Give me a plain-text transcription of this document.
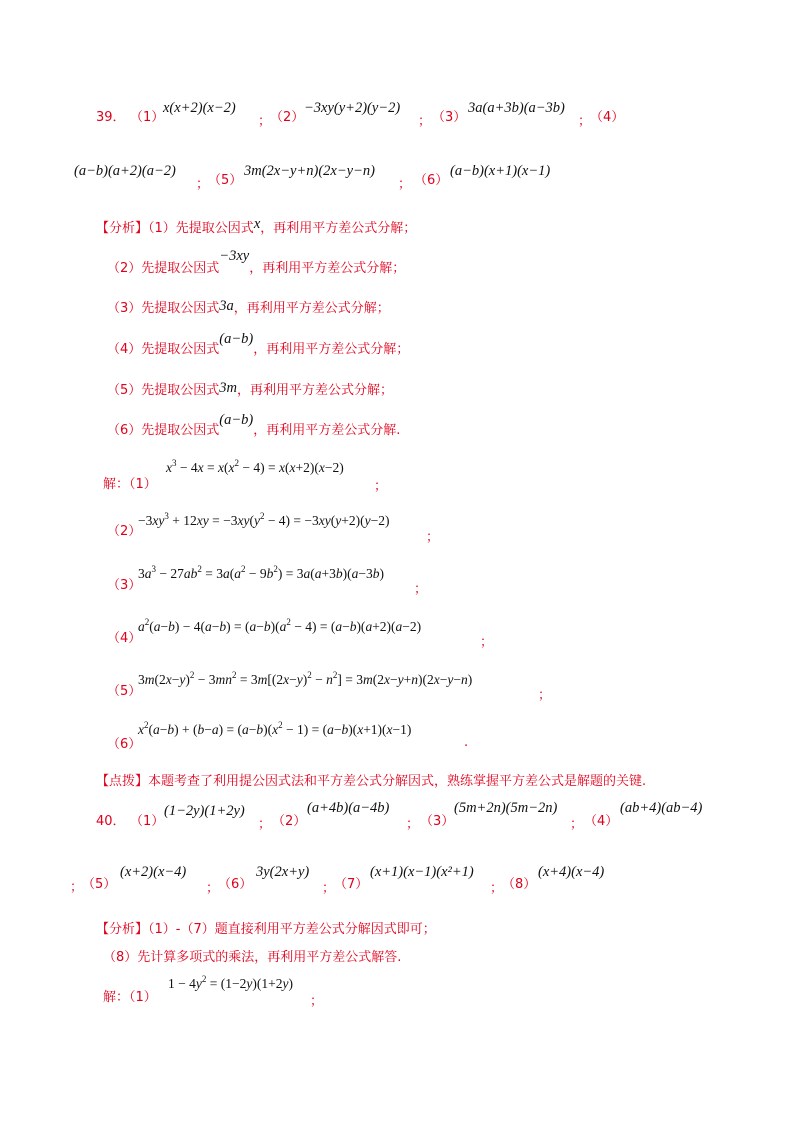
39． （1）
x(x+2)(x−2)
；
（2）
−3xy(y+2)(y−2)
； （3）
3a(a+3b)(a−3b)
；
（4）
(a−b)(a+2)(a−2)
；
（5）
3m(2x−y+n)(2x−y−n)
； （6）
(a−b)(x+1)(x−1)
【分析】（1）先提取公因式x，再利用平方差公式分解；
（2）先提取公因式−3xy，再利用平方差公式分解；
（3）先提取公因式3a，再利用平方差公式分解；
（4）先提取公因式(a−b)，再利用平方差公式分解；
（5）先提取公因式3m，再利用平方差公式分解；
（6）先提取公因式(a−b)，再利用平方差公式分解.
解：（1）
$x^3 - 4x = x(x^2 - 4) = x(x+2)(x-2)$
；
（2）
$-3xy^3 + 12xy = -3xy(y^2 - 4) = -3xy(y+2)(y-2)$
；
（3）
$3a^3 - 27ab^2 = 3a(a^2 - 9b^2) = 3a(a+3b)(a-3b)$
；
（4）
$a^2(a-b) - 4(a-b) = (a-b)(a^2 - 4) = (a-b)(a+2)(a-2)$
；
（5）
$3m(2x-y)^2 - 3mn^2 = 3m[(2x-y)^2 - n^2] = 3m(2x-y+n)(2x-y-n)$
；
（6）
$x^2(a-b) + (b-a) = (a-b)(x^2 - 1) = (a-b)(x+1)(x-1)$
.
【点拨】本题考查了利用提公因式法和平方差公式分解因式，熟练掌握平方差公式是解题的关键.
40． （1）
(1−2y)(1+2y)
； （2）
(a+4b)(a−4b)
； （3）
(5m+2n)(5m−2n)
； （4）
(ab+4)(ab−4)
；
（5）
(x+2)(x−4)
；
（6）
3y(2x+y)
；
（7）
(x+1)(x−1)(x²+1)
；
（8）
(x+4)(x−4)
【分析】（1）-（7）题直接利用平方差公式分解因式即可；
（8）先计算多项式的乘法，再利用平方差公式解答.
解：（1）
$1 - 4y^2 = (1-2y)(1+2y)$
；
